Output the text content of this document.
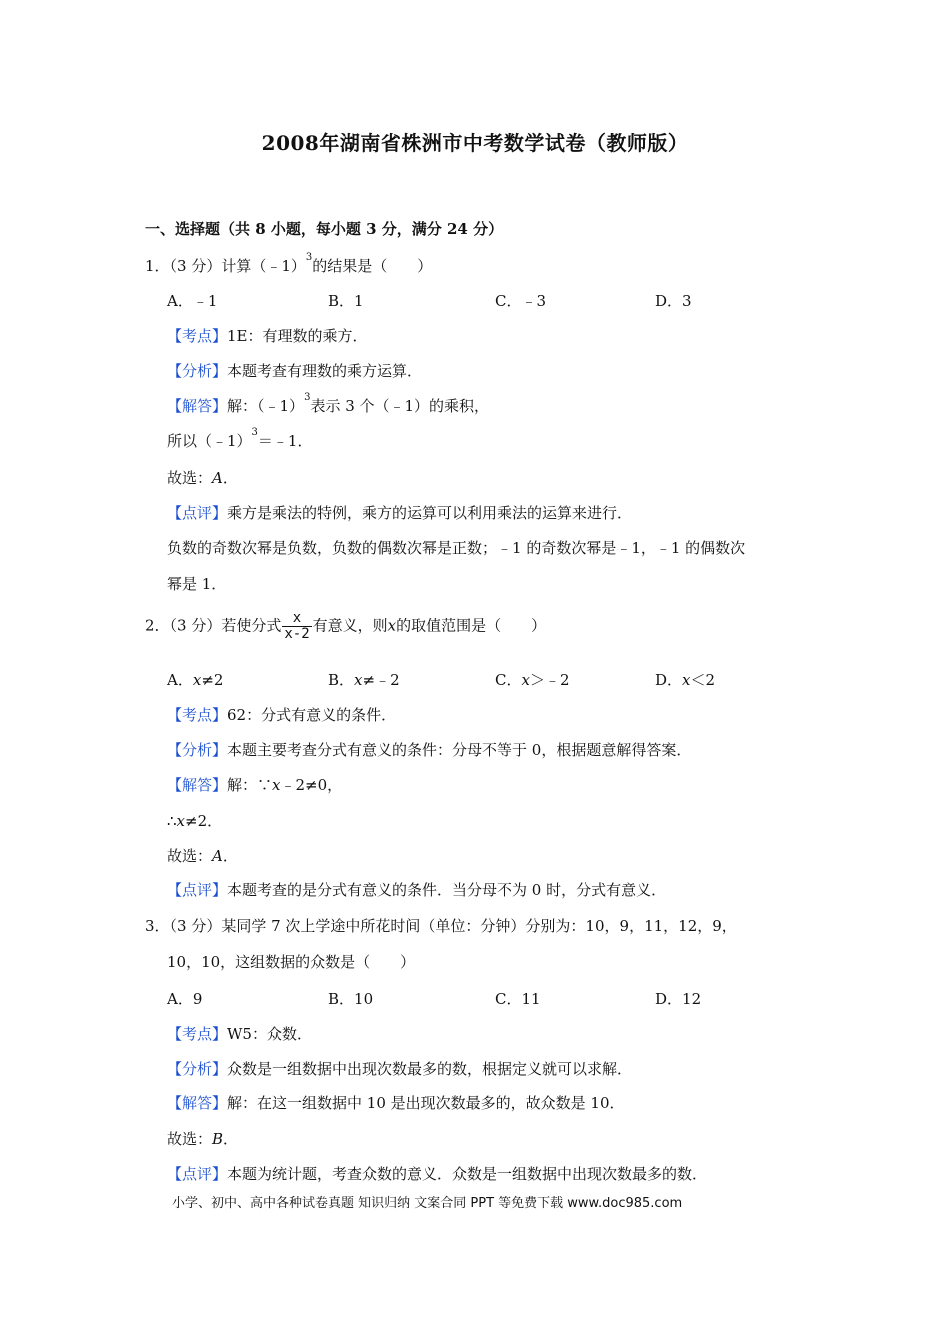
2008年湖南省株洲市中考数学试卷（教师版）
一、选择题（共 8 小题，每小题 3 分，满分 24 分）
1．（3 分）计算（﹣1）$^3$的结果是（　　）
A．﹣1	B．1	C．﹣3	D．3
【考点】1E：有理数的乘方．
【分析】本题考查有理数的乘方运算．
【解答】解：（﹣1）$^3$表示 3 个（﹣1）的乘积，
所以（﹣1）$^3$＝﹣1．
故选：A．
【点评】乘方是乘法的特例，乘方的运算可以利用乘法的运算来进行．
负数的奇数次幂是负数，负数的偶数次幂是正数；﹣1 的奇数次幂是﹣1，﹣1 的偶数次
幂是 1．
2．（3 分）若使分式 $\frac{x}{x-2}$ 有意义，则x的取值范围是（　　）
A．x≠2	B．x≠﹣2	C．x＞﹣2	D．x＜2
【考点】62：分式有意义的条件．
【分析】本题主要考查分式有意义的条件：分母不等于 0，根据题意解得答案．
【解答】解：∵x﹣2≠0，
∴x≠2．
故选：A．
【点评】本题考查的是分式有意义的条件．当分母不为 0 时，分式有意义．
3．（3 分）某同学 7 次上学途中所花时间（单位：分钟）分别为：10，9，11，12，9，
10，10，这组数据的众数是（　　）
A．9	B．10	C．11	D．12
【考点】W5：众数．
【分析】众数是一组数据中出现次数最多的数，根据定义就可以求解．
【解答】解：在这一组数据中 10 是出现次数最多的，故众数是 10．
故选：B．
【点评】本题为统计题，考查众数的意义．众数是一组数据中出现次数最多的数．
小学、初中、高中各种试卷真题 知识归纳 文案合同 PPT 等免费下载 www.doc985.com
